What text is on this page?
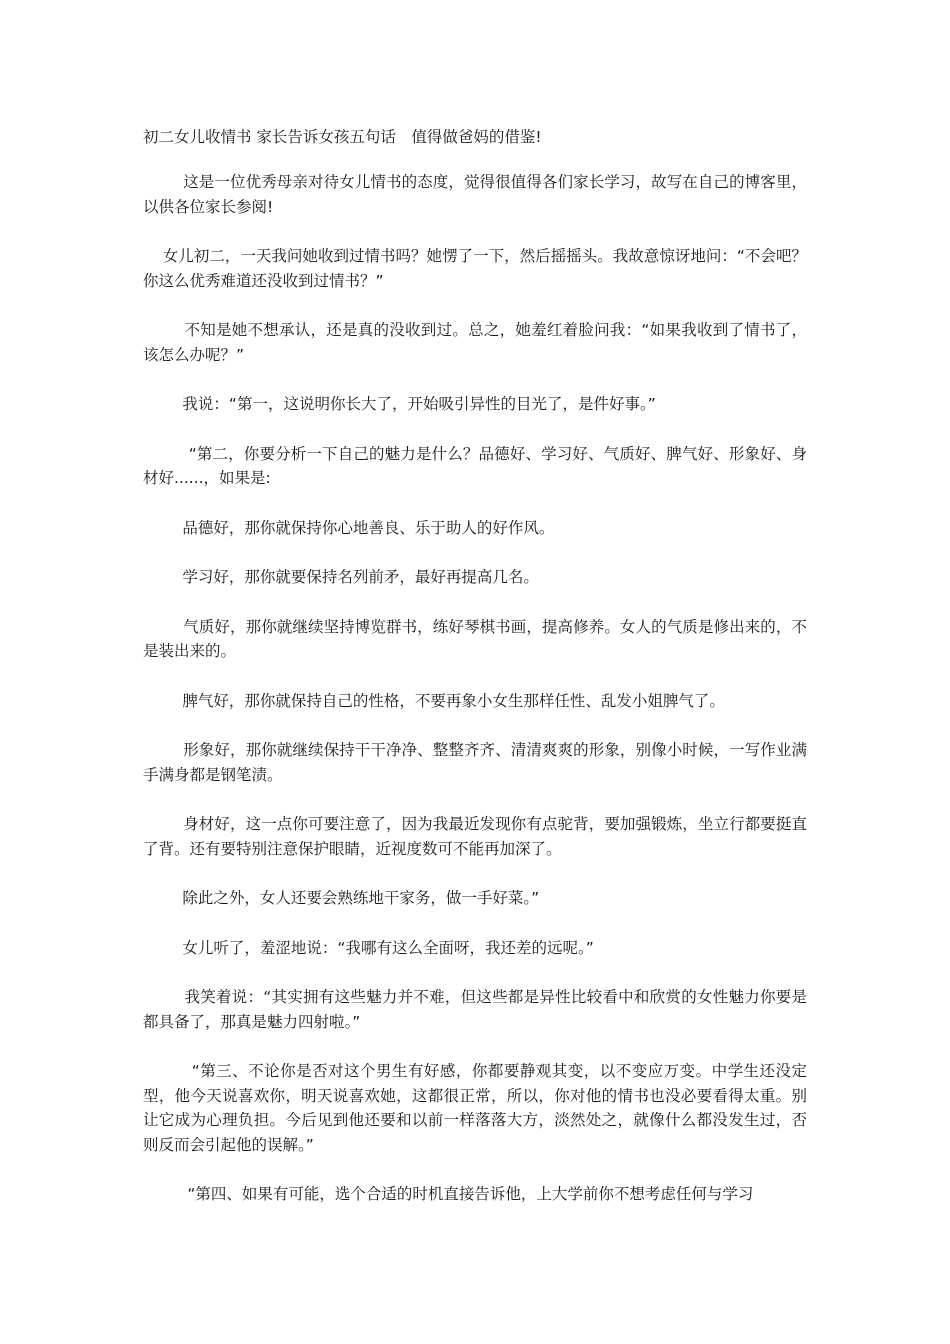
初二女儿收情书 家长告诉女孩五句话　值得做爸妈的借鉴!

这是一位优秀母亲对待女儿情书的态度，觉得很值得各们家长学习，故写在自己的博客里，以供各位家长参阅!

女儿初二，一天我问她收到过情书吗？她愣了一下，然后摇摇头。我故意惊讶地问：“不会吧？你这么优秀难道还没收到过情书？”

不知是她不想承认，还是真的没收到过。总之，她羞红着脸问我：“如果我收到了情书了，该怎么办呢？”

我说：“第一，这说明你长大了，开始吸引异性的目光了，是件好事。”

“第二，你要分析一下自己的魅力是什么？品德好、学习好、气质好、脾气好、形象好、身材好......，如果是:

品德好，那你就保持你心地善良、乐于助人的好作风。

学习好，那你就要保持名列前矛，最好再提高几名。

气质好，那你就继续坚持博览群书，练好琴棋书画，提高修养。女人的气质是修出来的，不是装出来的。

脾气好，那你就保持自己的性格，不要再象小女生那样任性、乱发小姐脾气了。

形象好，那你就继续保持干干净净、整整齐齐、清清爽爽的形象，别像小时候，一写作业满手满身都是钢笔渍。

身材好，这一点你可要注意了，因为我最近发现你有点驼背，要加强锻炼，坐立行都要挺直了背。还有要特别注意保护眼睛，近视度数可不能再加深了。

除此之外，女人还要会熟练地干家务，做一手好菜。”

女儿听了，羞涩地说：“我哪有这么全面呀，我还差的远呢。”

我笑着说：“其实拥有这些魅力并不难，但这些都是异性比较看中和欣赏的女性魅力你要是都具备了，那真是魅力四射啦。”

“第三、不论你是否对这个男生有好感，你都要静观其变，以不变应万变。中学生还没定型，他今天说喜欢你，明天说喜欢她，这都很正常，所以，你对他的情书也没必要看得太重。别让它成为心理负担。今后见到他还要和以前一样落落大方，淡然处之，就像什么都没发生过，否则反而会引起他的误解。”

“第四、如果有可能，选个合适的时机直接告诉他，上大学前你不想考虑任何与学习
